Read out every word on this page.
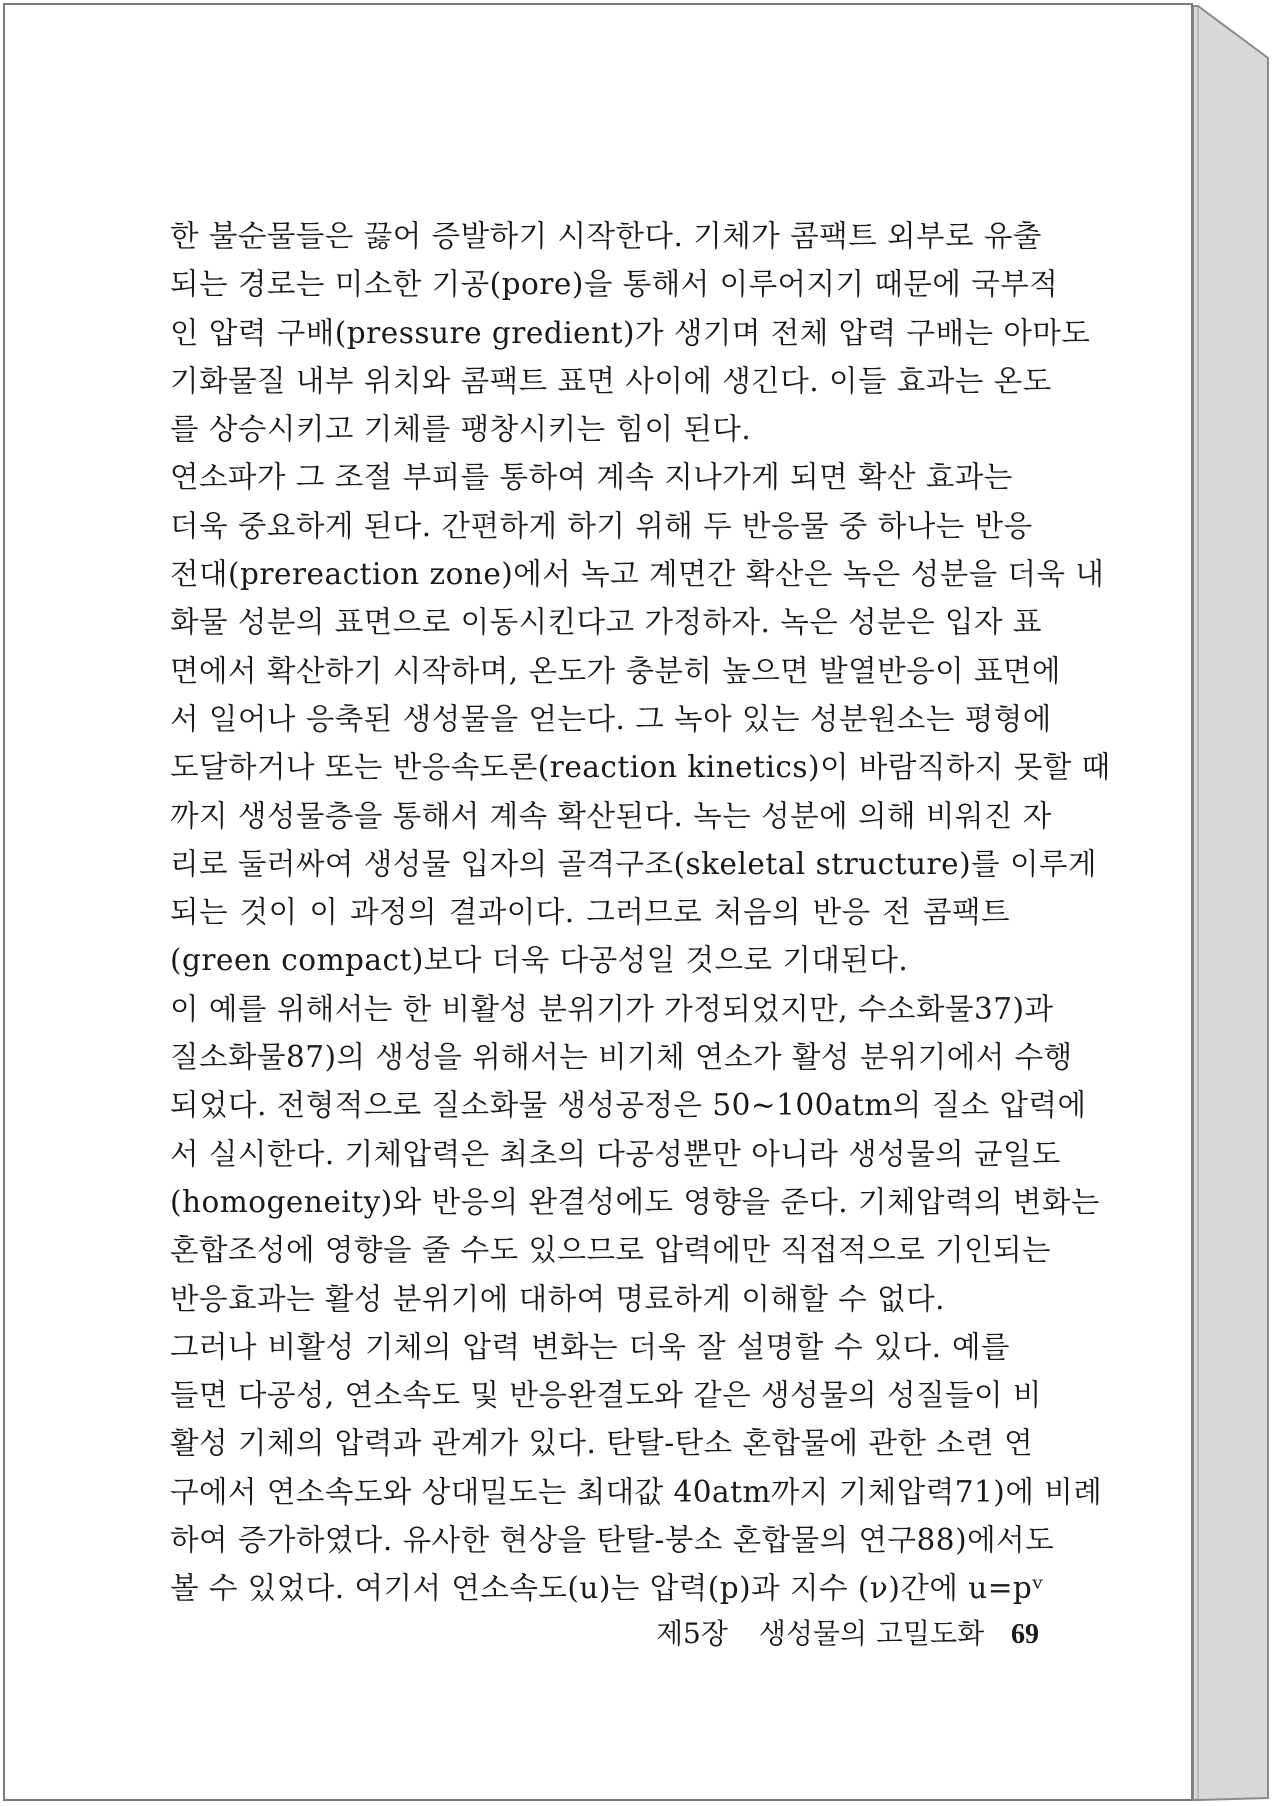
한 불순물들은 끓어 증발하기 시작한다. 기체가 콤팩트 외부로 유출
되는 경로는 미소한 기공(pore)을 통해서 이루어지기 때문에 국부적
인 압력 구배(pressure gredient)가 생기며 전체 압력 구배는 아마도
기화물질 내부 위치와 콤팩트 표면 사이에 생긴다. 이들 효과는 온도
를 상승시키고 기체를 팽창시키는 힘이 된다.
연소파가 그 조절 부피를 통하여 계속 지나가게 되면 확산 효과는
더욱 중요하게 된다. 간편하게 하기 위해 두 반응물 중 하나는 반응
전대(prereaction zone)에서 녹고 계면간 확산은 녹은 성분을 더욱 내
화물 성분의 표면으로 이동시킨다고 가정하자. 녹은 성분은 입자 표
면에서 확산하기 시작하며, 온도가 충분히 높으면 발열반응이 표면에
서 일어나 응축된 생성물을 얻는다. 그 녹아 있는 성분원소는 평형에
도달하거나 또는 반응속도론(reaction kinetics)이 바람직하지 못할 때
까지 생성물층을 통해서 계속 확산된다. 녹는 성분에 의해 비워진 자
리로 둘러싸여 생성물 입자의 골격구조(skeletal structure)를 이루게
되는 것이 이 과정의 결과이다. 그러므로 처음의 반응 전 콤팩트
(green compact)보다 더욱 다공성일 것으로 기대된다.
이 예를 위해서는 한 비활성 분위기가 가정되었지만, 수소화물37)과
질소화물87)의 생성을 위해서는 비기체 연소가 활성 분위기에서 수행
되었다. 전형적으로 질소화물 생성공정은 50~100atm의 질소 압력에
서 실시한다. 기체압력은 최초의 다공성뿐만 아니라 생성물의 균일도
(homogeneity)와 반응의 완결성에도 영향을 준다. 기체압력의 변화는
혼합조성에 영향을 줄 수도 있으므로 압력에만 직접적으로 기인되는
반응효과는 활성 분위기에 대하여 명료하게 이해할 수 없다.
그러나 비활성 기체의 압력 변화는 더욱 잘 설명할 수 있다. 예를
들면 다공성, 연소속도 및 반응완결도와 같은 생성물의 성질들이 비
활성 기체의 압력과 관계가 있다. 탄탈-탄소 혼합물에 관한 소련 연
구에서 연소속도와 상대밀도는 최대값 40atm까지 기체압력71)에 비례
하여 증가하였다. 유사한 현상을 탄탈-붕소 혼합물의 연구88)에서도
볼 수 있었다. 여기서 연소속도(u)는 압력(p)과 지수 (ν)간에 u=pᵛ
제5장 생성물의 고밀도화 69
